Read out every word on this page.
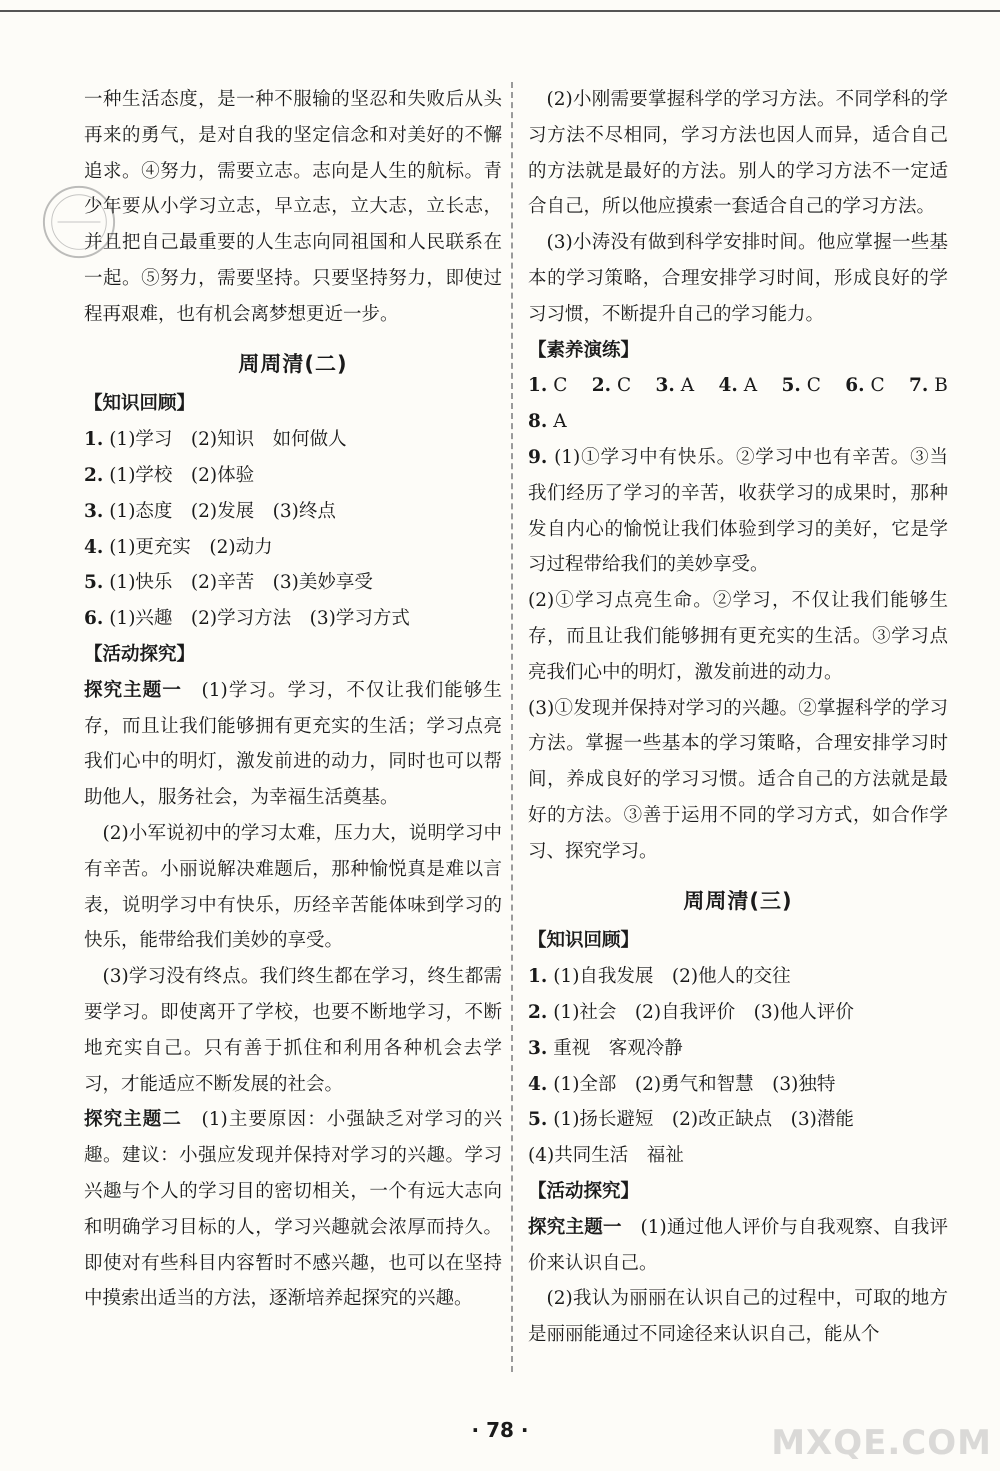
一种生活态度，是一种不服输的坚忍和失败后从头再来的勇气，是对自我的坚定信念和对美好的不懈追求。④努力，需要立志。志向是人生的航标。青少年要从小学习立志，早立志，立大志，立长志，并且把自己最重要的人生志向同祖国和人民联系在一起。⑤努力，需要坚持。只要坚持努力，即使过程再艰难，也有机会离梦想更近一步。

周周清(二)

【知识回顾】

1. (1)学习　(2)知识　如何做人

2. (1)学校　(2)体验

3. (1)态度　(2)发展　(3)终点

4. (1)更充实　(2)动力

5. (1)快乐　(2)辛苦　(3)美妙享受

6. (1)兴趣　(2)学习方法　(3)学习方式

【活动探究】

探究主题一　 (1)学习。学习，不仅让我们能够生存，而且让我们能够拥有更充实的生活；学习点亮我们心中的明灯，激发前进的动力，同时也可以帮助他人，服务社会，为幸福生活奠基。

(2)小军说初中的学习太难，压力大，说明学习中有辛苦。小丽说解决难题后，那种愉悦真是难以言表，说明学习中有快乐，历经辛苦能体味到学习的快乐，能带给我们美妙的享受。

(3)学习没有终点。我们终生都在学习，终生都需要学习。即使离开了学校，也要不断地学习，不断地充实自己。只有善于抓住和利用各种机会去学习，才能适应不断发展的社会。

探究主题二　 (1)主要原因：小强缺乏对学习的兴趣。建议：小强应发现并保持对学习的兴趣。学习兴趣与个人的学习目的密切相关，一个有远大志向和明确学习目标的人，学习兴趣就会浓厚而持久。即使对有些科目内容暂时不感兴趣，也可以在坚持中摸索出适当的方法，逐渐培养起探究的兴趣。

(2)小刚需要掌握科学的学习方法。不同学科的学习方法不尽相同，学习方法也因人而异，适合自己的方法就是最好的方法。别人的学习方法不一定适合自己，所以他应摸索一套适合自己的学习方法。

(3)小涛没有做到科学安排时间。他应掌握一些基本的学习策略，合理安排学习时间，形成良好的学习习惯，不断提升自己的学习能力。

【素养演练】

1. C　 2. C　 3. A　 4. A　 5. C　 6. C　 7. B

8. A

9. (1)①学习中有快乐。②学习中也有辛苦。③当我们经历了学习的辛苦，收获学习的成果时，那种发自内心的愉悦让我们体验到学习的美好，它是学习过程带给我们的美妙享受。

(2)①学习点亮生命。②学习，不仅让我们能够生存，而且让我们能够拥有更充实的生活。③学习点亮我们心中的明灯，激发前进的动力。

(3)①发现并保持对学习的兴趣。②掌握科学的学习方法。掌握一些基本的学习策略，合理安排学习时间，养成良好的学习习惯。适合自己的方法就是最好的方法。③善于运用不同的学习方式，如合作学习、探究学习。

周周清(三)

【知识回顾】

1. (1)自我发展　(2)他人的交往

2. (1)社会　(2)自我评价　(3)他人评价

3. 重视　客观冷静

4. (1)全部　(2)勇气和智慧　(3)独特

5. (1)扬长避短　(2)改正缺点　(3)潜能

(4)共同生活　福祉

【活动探究】

探究主题一　 (1)通过他人评价与自我观察、自我评价来认识自己。

(2)我认为丽丽在认识自己的过程中，可取的地方是丽丽能通过不同途径来认识自己，能从个

· 78 ·	MXQE.COM
